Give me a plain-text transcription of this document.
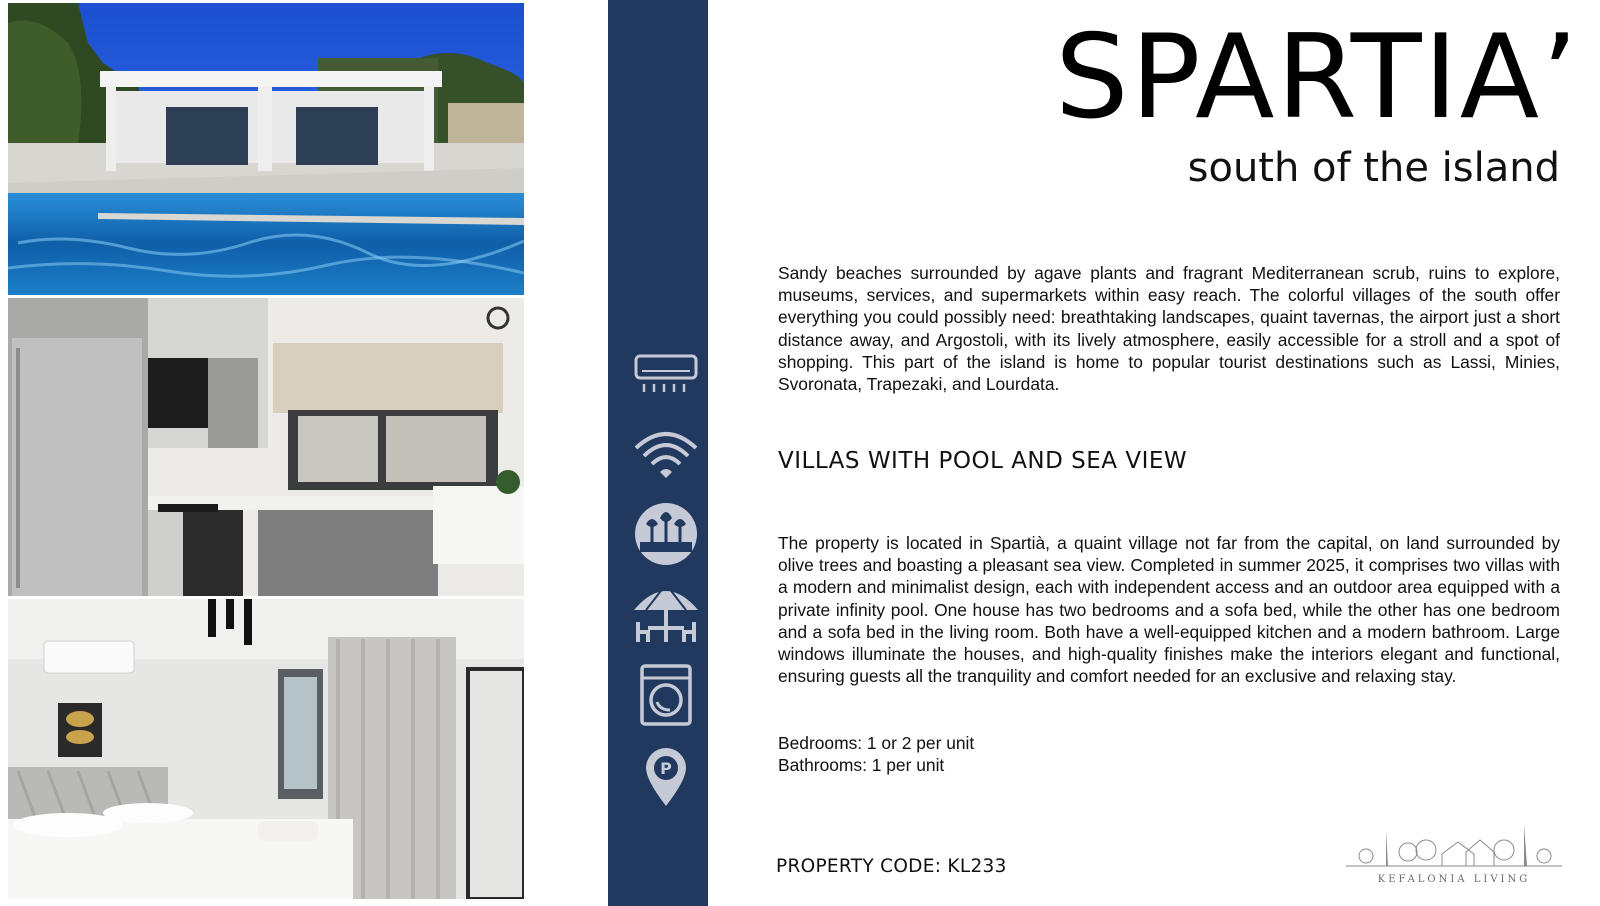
P
SPARTIA’
south of the island

Sandy beaches surrounded by agave plants and fragrant Mediterranean scrub, ruins to explore, museums, services, and supermarkets within easy reach. The colorful villages of the south offer everything you could possibly need: breathtaking landscapes, quaint tavernas, the airport just a short distance away, and Argostoli, with its lively atmosphere, easily accessible for a stroll and a spot of shopping. This part of the island is home to popular tourist destinations such as Lassi, Minies, Svoronata, Trapezaki, and Lourdata.

VILLAS WITH POOL AND SEA VIEW

The property is located in Spartià, a quaint village not far from the capital, on land surrounded by olive trees and boasting a pleasant sea view. Completed in summer 2025, it comprises two villas with a modern and minimalist design, each with independent access and an outdoor area equipped with a private infinity pool. One house has two bedrooms and a sofa bed, while the other has one bedroom and a sofa bed in the living room. Both have a well-equipped kitchen and a modern bathroom. Large windows illuminate the houses, and high-quality finishes make the interiors elegant and functional, ensuring guests all the tranquility and comfort needed for an exclusive and relaxing stay.

Bedrooms: 1 or 2 per unit
Bathrooms: 1 per unit
PROPERTY CODE: KL233
KEFALONIA LIVING
